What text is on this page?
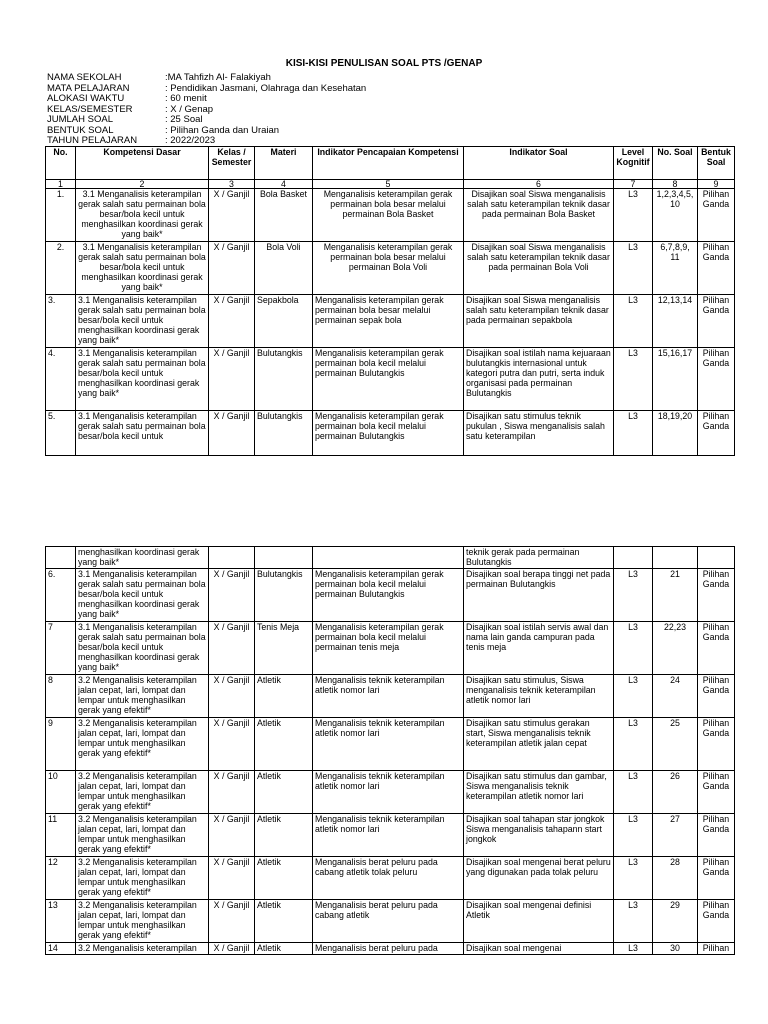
KISI-KISI PENULISAN SOAL PTS /GENAP
NAMA SEKOLAH	:MA Tahfizh Al- Falakiyah
MATA PELAJARAN	: Pendidikan Jasmani, Olahraga dan Kesehatan
ALOKASI WAKTU	: 60 menit
KELAS/SEMESTER	: X / Genap
JUMLAH SOAL	: 25 Soal
BENTUK SOAL	: Pilihan Ganda dan Uraian
TAHUN PELAJARAN	: 2022/2023
No.	Kompetensi Dasar	Kelas / Semester	Materi	Indikator Pencapaian Kompetensi	Indikator Soal	Level Kognitif	No. Soal	Bentuk Soal
1	2	3	4	5	6	7	8	9
1.	3.1 Menganalisis keterampilan gerak salah satu permainan bola besar/bola kecil untuk menghasilkan koordinasi gerak yang baik*	X / Ganjil	Bola Basket	Menganalisis keterampilan gerak permainan bola besar melalui permainan Bola Basket	Disajikan soal Siswa menganalisis salah satu keterampilan teknik dasar pada permainan Bola Basket	L3	1,2,3,4,5, 10	Pilihan Ganda
2.	3.1 Menganalisis keterampilan gerak salah satu permainan bola besar/bola kecil untuk menghasilkan koordinasi gerak yang baik*	X / Ganjil	Bola Voli	Menganalisis keterampilan gerak permainan bola besar melalui permainan Bola Voli	Disajikan soal Siswa menganalisis salah satu keterampilan teknik dasar pada permainan Bola Voli	L3	6,7,8,9, 11	Pilihan Ganda
3.	3.1 Menganalisis keterampilan gerak salah satu permainan bola besar/bola kecil untuk menghasilkan koordinasi gerak yang baik*	X / Ganjil	Sepakbola	Menganalisis keterampilan gerak permainan bola besar melalui permainan sepak bola	Disajikan soal Siswa menganalisis salah satu keterampilan teknik dasar pada permainan sepakbola	L3	12,13,14	Pilihan Ganda
4.	3.1 Menganalisis keterampilan gerak salah satu permainan bola besar/bola kecil untuk menghasilkan koordinasi gerak yang baik*	X / Ganjil	Bulutangkis	Menganalisis keterampilan gerak permainan bola kecil melalui permainan Bulutangkis	Disajikan soal istilah nama kejuaraan bulutangkis internasional untuk kategori putra dan putri, serta induk organisasi pada permainan Bulutangkis	L3	15,16,17	Pilihan Ganda
5.	3.1 Menganalisis keterampilan gerak salah satu permainan bola besar/bola kecil untuk	X / Ganjil	Bulutangkis	Menganalisis keterampilan gerak permainan bola kecil melalui permainan Bulutangkis	Disajikan satu stimulus teknik pukulan , Siswa menganalisis salah satu keterampilan	L3	18,19,20	Pilihan Ganda
	menghasilkan koordinasi gerak yang baik*				teknik gerak pada permainan Bulutangkis			
6.	3.1 Menganalisis keterampilan gerak salah satu permainan bola besar/bola kecil untuk menghasilkan koordinasi gerak yang baik*	X / Ganjil	Bulutangkis	Menganalisis keterampilan gerak permainan bola kecil melalui permainan Bulutangkis	Disajikan soal berapa tinggi net pada permainan Bulutangkis	L3	21	Pilihan Ganda
7	3.1 Menganalisis keterampilan gerak salah satu permainan bola besar/bola kecil untuk menghasilkan koordinasi gerak yang baik*	X / Ganjil	Tenis Meja	Menganalisis keterampilan gerak permainan bola kecil melalui permainan tenis meja	Disajikan soal istilah servis awal dan nama lain ganda campuran pada tenis meja	L3	22,23	Pilihan Ganda
8	3.2 Menganalisis keterampilan jalan cepat, lari, lompat dan lempar untuk menghasilkan gerak yang efektif*	X / Ganjil	Atletik	Menganalisis teknik keterampilan atletik nomor lari	Disajikan satu stimulus, Siswa menganalisis teknik keterampilan atletik nomor lari	L3	24	Pilihan Ganda
9	3.2 Menganalisis keterampilan jalan cepat, lari, lompat dan lempar untuk menghasilkan gerak yang efektif*	X / Ganjil	Atletik	Menganalisis teknik keterampilan atletik nomor lari	Disajikan satu stimulus gerakan start, Siswa menganalisis teknik keterampilan atletik jalan cepat	L3	25	Pilihan Ganda
10	3.2 Menganalisis keterampilan jalan cepat, lari, lompat dan lempar untuk menghasilkan gerak yang efektif*	X / Ganjil	Atletik	Menganalisis teknik keterampilan atletik nomor lari	Disajikan satu stimulus dan gambar, Siswa menganalisis teknik keterampilan atletik nomor lari	L3	26	Pilihan Ganda
11	3.2 Menganalisis keterampilan jalan cepat, lari, lompat dan lempar untuk menghasilkan gerak yang efektif*	X / Ganjil	Atletik	Menganalisis teknik keterampilan atletik nomor lari	Disajikan soal tahapan star jongkok Siswa menganalisis tahapann start jongkok	L3	27	Pilihan Ganda
12	3.2 Menganalisis keterampilan jalan cepat, lari, lompat dan lempar untuk menghasilkan gerak yang efektif*	X / Ganjil	Atletik	Menganalisis berat peluru pada cabang atletik tolak peluru	Disajikan soal mengenai berat peluru yang digunakan pada tolak peluru	L3	28	Pilihan Ganda
13	3.2 Menganalisis keterampilan jalan cepat, lari, lompat dan lempar untuk menghasilkan gerak yang efektif*	X / Ganjil	Atletik	Menganalisis berat peluru pada cabang atletik	Disajikan soal mengenai definisi Atletik	L3	29	Pilihan Ganda
14	3.2 Menganalisis keterampilan	X / Ganjil	Atletik	Menganalisis berat peluru pada	Disajikan soal mengenai	L3	30	Pilihan
